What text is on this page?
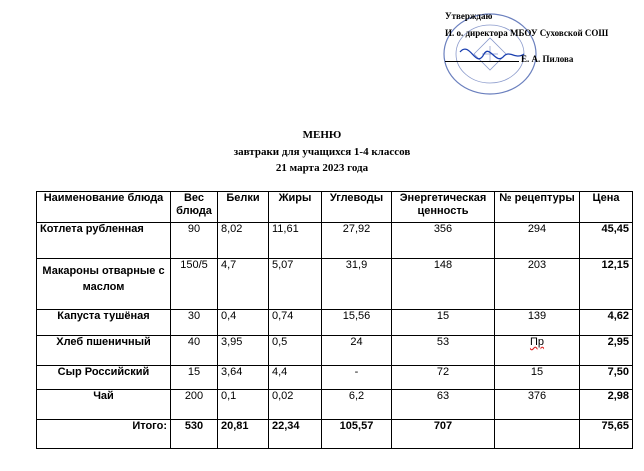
Утверждаю
И. о. директора МБОУ Суховской СОШ
Е. А. Пилова
МЕНЮ
завтраки для учащихся 1-4 классов
21 марта 2023 года
Наименование блюда	Вес блюда	Белки	Жиры	Углеводы	Энергетическая ценность	№ рецептуры	Цена
Котлета рубленная	90	8,02	11,61	27,92	356	294	45,45
Макароны отварные с маслом	150/5	4,7	5,07	31,9	148	203	12,15
Капуста тушёная	30	0,4	0,74	15,56	15	139	4,62
Хлеб пшеничный	40	3,95	0,5	24	53	Пр	2,95
Сыр Российский	15	3,64	4,4	-	72	15	7,50
Чай	200	0,1	0,02	6,2	63	376	2,98
Итого:	530	20,81	22,34	105,57	707		75,65
